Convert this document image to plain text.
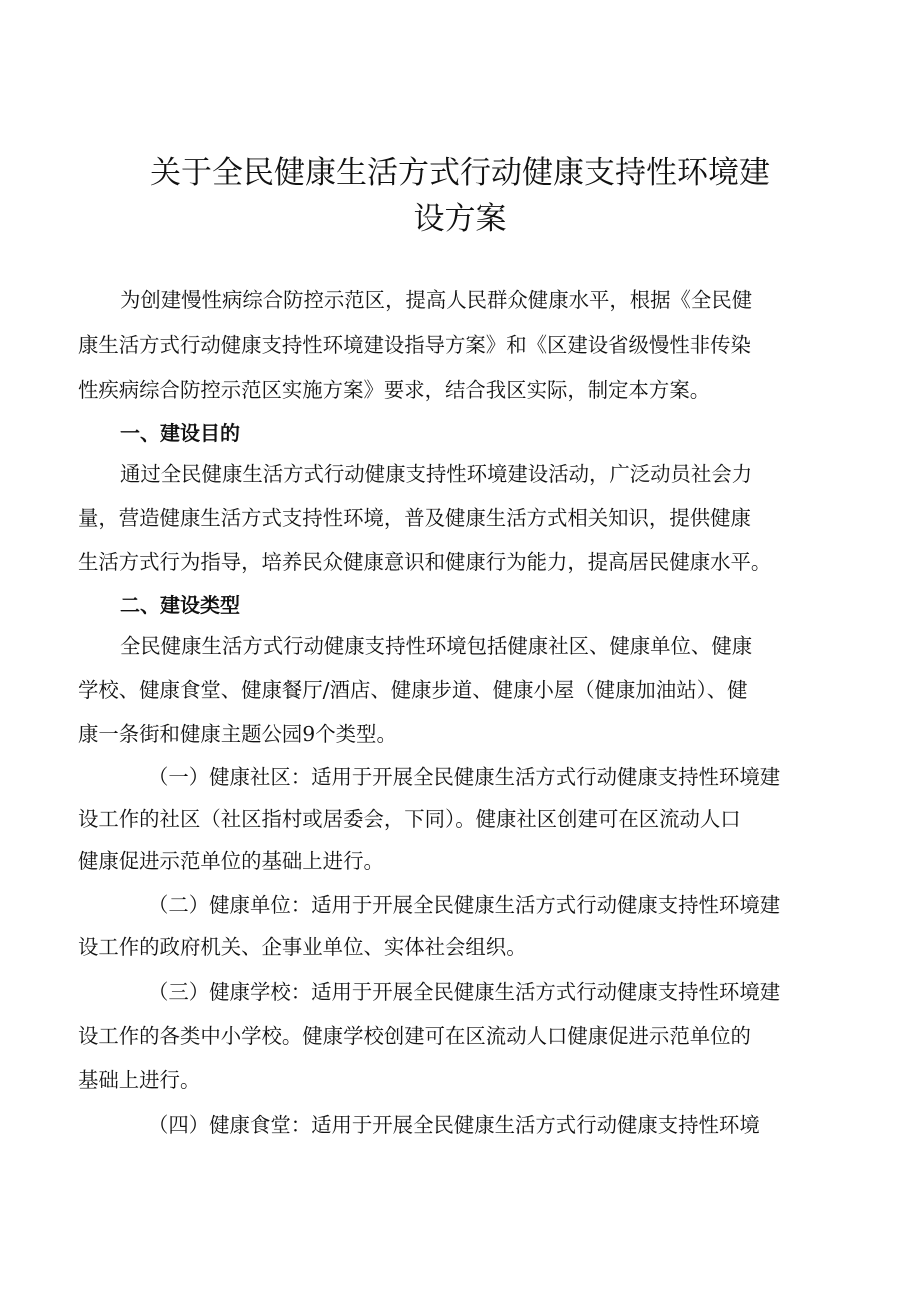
关于全民健康生活方式行动健康支持性环境建
设方案

为创建慢性病综合防控示范区，提高人民群众健康水平，根据《全民健

康生活方式行动健康支持性环境建设指导方案》和《区建设省级慢性非传染

性疾病综合防控示范区实施方案》要求，结合我区实际，制定本方案。

一、建设目的

通过全民健康生活方式行动健康支持性环境建设活动，广泛动员社会力

量，营造健康生活方式支持性环境，普及健康生活方式相关知识，提供健康

生活方式行为指导，培养民众健康意识和健康行为能力，提高居民健康水平。

二、建设类型

全民健康生活方式行动健康支持性环境包括健康社区、健康单位、健康

学校、健康食堂、健康餐厅/酒店、健康步道、健康小屋（健康加油站）、健

康一条街和健康主题公园9个类型。

（一）健康社区：适用于开展全民健康生活方式行动健康支持性环境建

设工作的社区（社区指村或居委会，下同）。健康社区创建可在区流动人口

健康促进示范单位的基础上进行。

（二）健康单位：适用于开展全民健康生活方式行动健康支持性环境建

设工作的政府机关、企事业单位、实体社会组织。

（三）健康学校：适用于开展全民健康生活方式行动健康支持性环境建

设工作的各类中小学校。健康学校创建可在区流动人口健康促进示范单位的

基础上进行。

（四）健康食堂：适用于开展全民健康生活方式行动健康支持性环境
